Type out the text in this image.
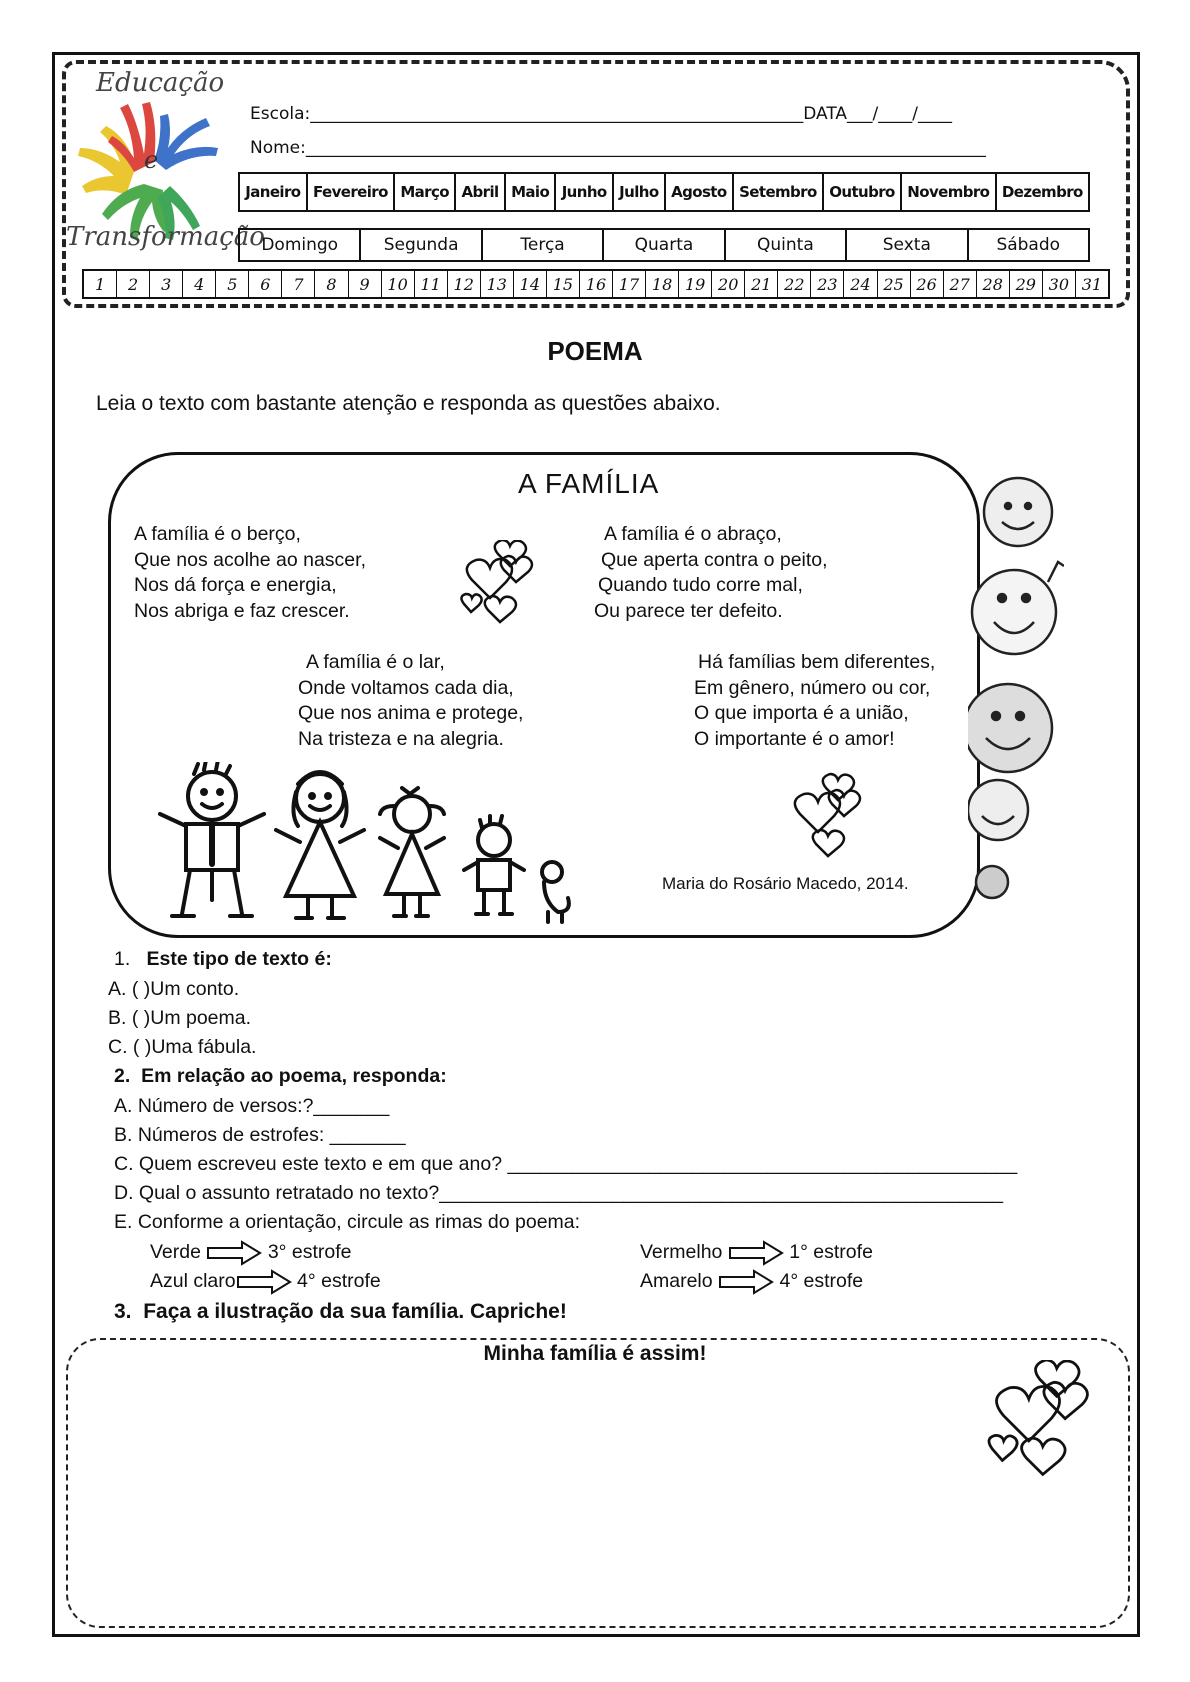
Educação
e
Transformação
Escola:__________________________________________________________DATA___/____/____
Nome:________________________________________________________________________________
Janeiro Fevereiro Março Abril Maio Junho Julho Agosto Setembro Outubro Novembro Dezembro
Domingo	Segunda	Terça	Quarta	Quinta	Sexta	Sábado
1	2	3	4	5	6	7	8	9	10 11 12 13 14 15 16 17 18 19 20 21 22 23 24 25 26 27 28 29 30 31
POEMA
Leia o texto com bastante atenção e responda as questões abaixo.
A FAMÍLIA
A família é o berço,
Que nos acolhe ao nascer,
Nos dá força e energia,
Nos abriga e faz crescer.
A família é o abraço,
Que aperta contra o peito,
Quando tudo corre mal,
Ou parece ter defeito.
A família é o lar,
Onde voltamos cada dia,
Que nos anima e protege,
Na tristeza e na alegria.
Há famílias bem diferentes,
Em gênero, número ou cor,
O que importa é a união,
O importante é o amor!
Maria do Rosário Macedo, 2014.
1. Este tipo de texto é:
A. ( )Um conto.
B. ( )Um poema.
C. ( )Uma fábula.
2. Em relação ao poema, responda:
A. Número de versos:?_______
B. Números de estrofes: _______
C. Quem escreveu este texto e em que ano? _______________________________________________
D. Qual o assunto retratado no texto?____________________________________________________
E. Conforme a orientação, circule as rimas do poema:
Verde	3° estrofe
Azul claro	4° estrofe
Vermelho	1° estrofe
Amarelo	4° estrofe
3. Faça a ilustração da sua família. Capriche!
Minha família é assim!
